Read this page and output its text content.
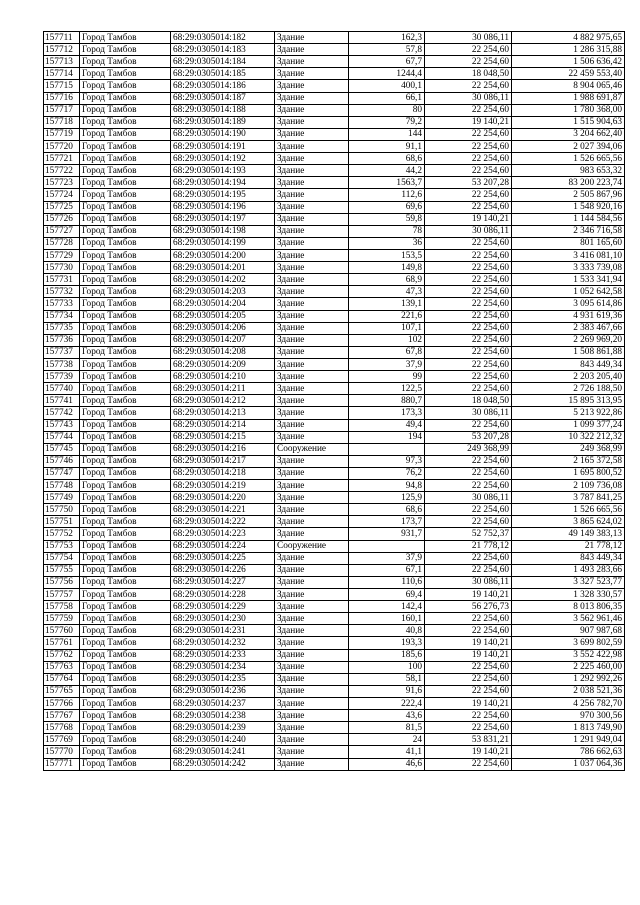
157711	Город Тамбов	68:29:0305014:182	Здание	162,3	30 086,11	4 882 975,65
157712	Город Тамбов	68:29:0305014:183	Здание	57,8	22 254,60	1 286 315,88
157713	Город Тамбов	68:29:0305014:184	Здание	67,7	22 254,60	1 506 636,42
157714	Город Тамбов	68:29:0305014:185	Здание	1244,4	18 048,50	22 459 553,40
157715	Город Тамбов	68:29:0305014:186	Здание	400,1	22 254,60	8 904 065,46
157716	Город Тамбов	68:29:0305014:187	Здание	66,1	30 086,11	1 988 691,87
157717	Город Тамбов	68:29:0305014:188	Здание	80	22 254,60	1 780 368,00
157718	Город Тамбов	68:29:0305014:189	Здание	79,2	19 140,21	1 515 904,63
157719	Город Тамбов	68:29:0305014:190	Здание	144	22 254,60	3 204 662,40
157720	Город Тамбов	68:29:0305014:191	Здание	91,1	22 254,60	2 027 394,06
157721	Город Тамбов	68:29:0305014:192	Здание	68,6	22 254,60	1 526 665,56
157722	Город Тамбов	68:29:0305014:193	Здание	44,2	22 254,60	983 653,32
157723	Город Тамбов	68:29:0305014:194	Здание	1563,7	53 207,28	83 200 223,74
157724	Город Тамбов	68:29:0305014:195	Здание	112,6	22 254,60	2 505 867,96
157725	Город Тамбов	68:29:0305014:196	Здание	69,6	22 254,60	1 548 920,16
157726	Город Тамбов	68:29:0305014:197	Здание	59,8	19 140,21	1 144 584,56
157727	Город Тамбов	68:29:0305014:198	Здание	78	30 086,11	2 346 716,58
157728	Город Тамбов	68:29:0305014:199	Здание	36	22 254,60	801 165,60
157729	Город Тамбов	68:29:0305014:200	Здание	153,5	22 254,60	3 416 081,10
157730	Город Тамбов	68:29:0305014:201	Здание	149,8	22 254,60	3 333 739,08
157731	Город Тамбов	68:29:0305014:202	Здание	68,9	22 254,60	1 533 341,94
157732	Город Тамбов	68:29:0305014:203	Здание	47,3	22 254,60	1 052 642,58
157733	Город Тамбов	68:29:0305014:204	Здание	139,1	22 254,60	3 095 614,86
157734	Город Тамбов	68:29:0305014:205	Здание	221,6	22 254,60	4 931 619,36
157735	Город Тамбов	68:29:0305014:206	Здание	107,1	22 254,60	2 383 467,66
157736	Город Тамбов	68:29:0305014:207	Здание	102	22 254,60	2 269 969,20
157737	Город Тамбов	68:29:0305014:208	Здание	67,8	22 254,60	1 508 861,88
157738	Город Тамбов	68:29:0305014:209	Здание	37,9	22 254,60	843 449,34
157739	Город Тамбов	68:29:0305014:210	Здание	99	22 254,60	2 203 205,40
157740	Город Тамбов	68:29:0305014:211	Здание	122,5	22 254,60	2 726 188,50
157741	Город Тамбов	68:29:0305014:212	Здание	880,7	18 048,50	15 895 313,95
157742	Город Тамбов	68:29:0305014:213	Здание	173,3	30 086,11	5 213 922,86
157743	Город Тамбов	68:29:0305014:214	Здание	49,4	22 254,60	1 099 377,24
157744	Город Тамбов	68:29:0305014:215	Здание	194	53 207,28	10 322 212,32
157745	Город Тамбов	68:29:0305014:216	Сооружение		249 368,99	249 368,99
157746	Город Тамбов	68:29:0305014:217	Здание	97,3	22 254,60	2 165 372,58
157747	Город Тамбов	68:29:0305014:218	Здание	76,2	22 254,60	1 695 800,52
157748	Город Тамбов	68:29:0305014:219	Здание	94,8	22 254,60	2 109 736,08
157749	Город Тамбов	68:29:0305014:220	Здание	125,9	30 086,11	3 787 841,25
157750	Город Тамбов	68:29:0305014:221	Здание	68,6	22 254,60	1 526 665,56
157751	Город Тамбов	68:29:0305014:222	Здание	173,7	22 254,60	3 865 624,02
157752	Город Тамбов	68:29:0305014:223	Здание	931,7	52 752,37	49 149 383,13
157753	Город Тамбов	68:29:0305014:224	Сооружение		21 778,12	21 778,12
157754	Город Тамбов	68:29:0305014:225	Здание	37,9	22 254,60	843 449,34
157755	Город Тамбов	68:29:0305014:226	Здание	67,1	22 254,60	1 493 283,66
157756	Город Тамбов	68:29:0305014:227	Здание	110,6	30 086,11	3 327 523,77
157757	Город Тамбов	68:29:0305014:228	Здание	69,4	19 140,21	1 328 330,57
157758	Город Тамбов	68:29:0305014:229	Здание	142,4	56 276,73	8 013 806,35
157759	Город Тамбов	68:29:0305014:230	Здание	160,1	22 254,60	3 562 961,46
157760	Город Тамбов	68:29:0305014:231	Здание	40,8	22 254,60	907 987,68
157761	Город Тамбов	68:29:0305014:232	Здание	193,3	19 140,21	3 699 802,59
157762	Город Тамбов	68:29:0305014:233	Здание	185,6	19 140,21	3 552 422,98
157763	Город Тамбов	68:29:0305014:234	Здание	100	22 254,60	2 225 460,00
157764	Город Тамбов	68:29:0305014:235	Здание	58,1	22 254,60	1 292 992,26
157765	Город Тамбов	68:29:0305014:236	Здание	91,6	22 254,60	2 038 521,36
157766	Город Тамбов	68:29:0305014:237	Здание	222,4	19 140,21	4 256 782,70
157767	Город Тамбов	68:29:0305014:238	Здание	43,6	22 254,60	970 300,56
157768	Город Тамбов	68:29:0305014:239	Здание	81,5	22 254,60	1 813 749,90
157769	Город Тамбов	68:29:0305014:240	Здание	24	53 831,21	1 291 949,04
157770	Город Тамбов	68:29:0305014:241	Здание	41,1	19 140,21	786 662,63
157771	Город Тамбов	68:29:0305014:242	Здание	46,6	22 254,60	1 037 064,36
